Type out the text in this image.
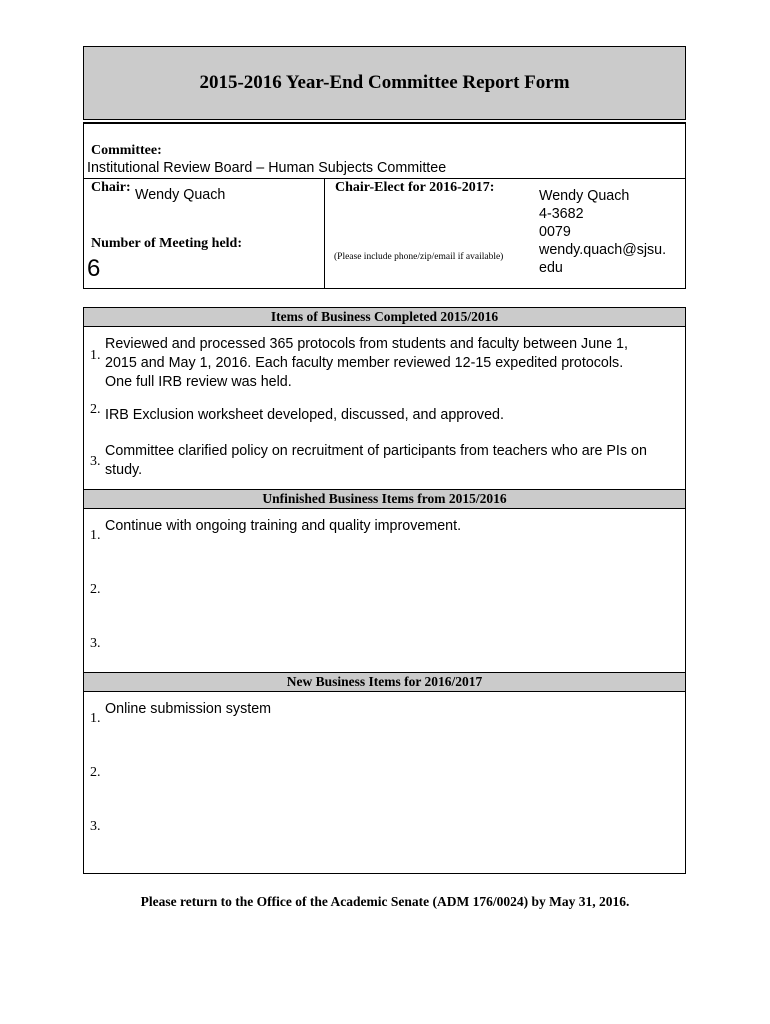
2015-2016 Year-End Committee Report Form
Committee:
Institutional Review Board – Human Subjects Committee
Chair: Wendy Quach	Chair-Elect for 2016-2017:
Wendy Quach
4-3682
0079
wendy.quach@sjsu.
edu
(Please include phone/zip/email if available)
Number of Meeting held:
6
Items of Business Completed 2015/2016
1.
Reviewed and processed 365 protocols from students and faculty between June 1,
2015 and May 1, 2016. Each faculty member reviewed 12-15 expedited protocols.
One full IRB review was held.
2. IRB Exclusion worksheet developed, discussed, and approved.
3.
Committee clarified policy on recruitment of participants from teachers who are PIs on
study.
Unfinished Business Items from 2015/2016
1.
Continue with ongoing training and quality improvement.
2.
3.
New Business Items for 2016/2017
1.
Online submission system
2.
3.
Please return to the Office of the Academic Senate (ADM 176/0024) by May 31, 2016.
